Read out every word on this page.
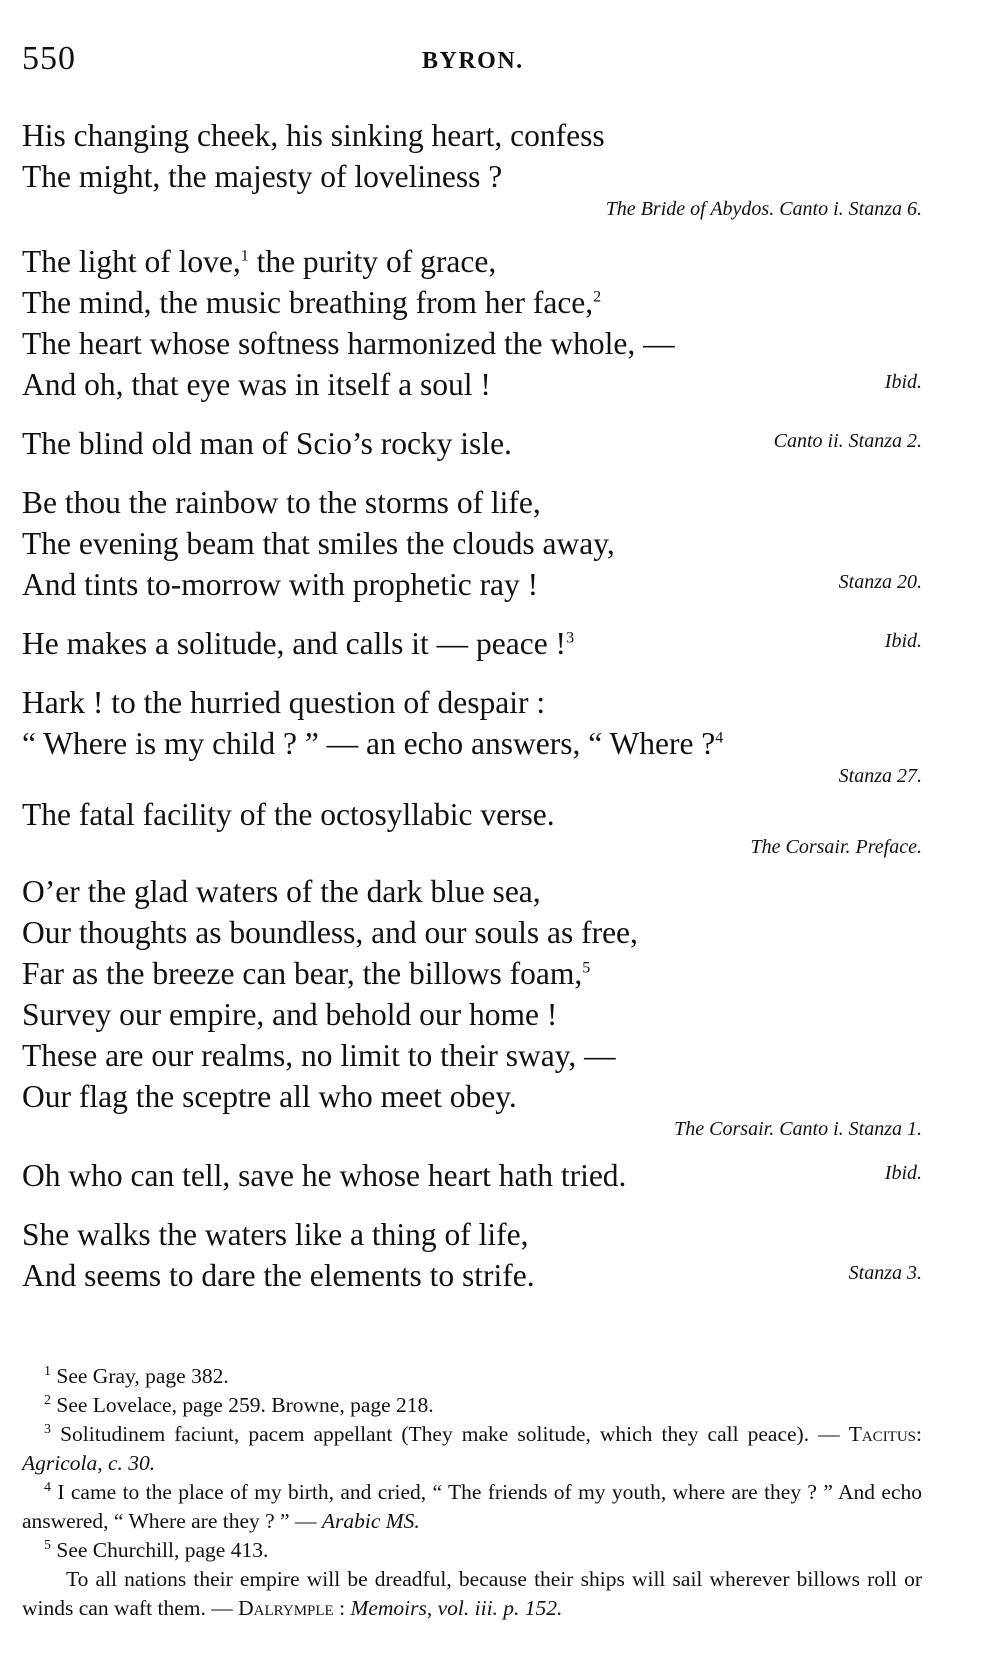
550	BYRON.
His changing cheek, his sinking heart, confess
The might, the majesty of loveliness ?
The Bride of Abydos. Canto i. Stanza 6.
The light of love,$^1$ the purity of grace,
The mind, the music breathing from her face,$^2$
The heart whose softness harmonized the whole, —
And oh, that eye was in itself a soul !	Ibid.
The blind old man of Scio’s rocky isle.	Canto ii. Stanza 2.
Be thou the rainbow to the storms of life,
The evening beam that smiles the clouds away,
And tints to-morrow with prophetic ray !	Stanza 20.
He makes a solitude, and calls it — peace !$^3$	Ibid.
Hark ! to the hurried question of despair :
“ Where is my child ? ” — an echo answers, “ Where ?$^4$
Stanza 27.
The fatal facility of the octosyllabic verse.
The Corsair. Preface.
O’er the glad waters of the dark blue sea,
Our thoughts as boundless, and our souls as free,
Far as the breeze can bear, the billows foam,$^5$
Survey our empire, and behold our home !
These are our realms, no limit to their sway, —
Our flag the sceptre all who meet obey.
The Corsair. Canto i. Stanza 1.
Oh who can tell, save he whose heart hath tried.	Ibid.
She walks the waters like a thing of life,
And seems to dare the elements to strife.	Stanza 3.
$^1$ See Gray, page 382.
$^2$ See Lovelace, page 259. Browne, page 218.
$^3$ Solitudinem faciunt, pacem appellant (They make solitude, which they call peace). — Tacitus: Agricola, c. 30.
$^4$ I came to the place of my birth, and cried, “ The friends of my youth, where are they ? ” And echo answered, “ Where are they ? ” — Arabic MS.
$^5$ See Churchill, page 413.
To all nations their empire will be dreadful, because their ships will sail wherever billows roll or winds can waft them. — Dalrymple : Memoirs, vol. iii. p. 152.
